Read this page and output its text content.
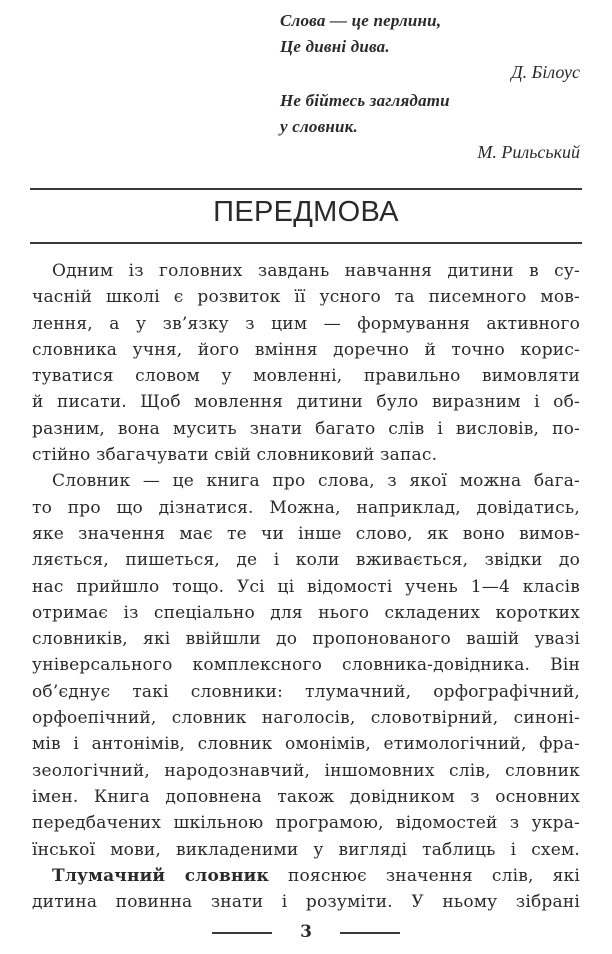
Слова — це перлини,
Це дивні дива.
Д. Білоус
Не бійтесь заглядати
у словник.
М. Рильський
ПЕРЕДМОВА
Одним із головних завдань навчання дитини в су-
часній школі є розвиток її усного та писемного мов-
лення, а у зв’язку з цим — формування активного
словника учня, його вміння доречно й точно корис-
туватися словом у мовленні, правильно вимовляти
й писати. Щоб мовлення дитини було виразним і об-
разним, вона мусить знати багато слів і висловів, по-
стійно збагачувати свій словниковий запас.
Словник — це книга про слова, з якої можна бага-
то про що дізнатися. Можна, наприклад, довідатись,
яке значення має те чи інше слово, як воно вимов-
ляється, пишеться, де і коли вживається, звідки до
нас прийшло тощо. Усі ці відомості учень 1—4 класів
отримає із спеціально для нього складених коротких
словників, які ввійшли до пропонованого вашій увазі
універсального комплексного словника-довідника. Він
об’єднує такі словники: тлумачний, орфографічний,
орфоепічний, словник наголосів, словотвірний, синоні-
мів і антонімів, словник омонімів, етимологічний, фра-
зеологічний, народознавчий, іншомовних слів, словник
імен. Книга доповнена також довідником з основних
передбачених шкільною програмою, відомостей з укра-
їнської мови, викладеними у вигляді таблиць і схем.
Тлумачний словник пояснює значення слів, які
дитина повинна знати і розуміти. У ньому зібрані
3
